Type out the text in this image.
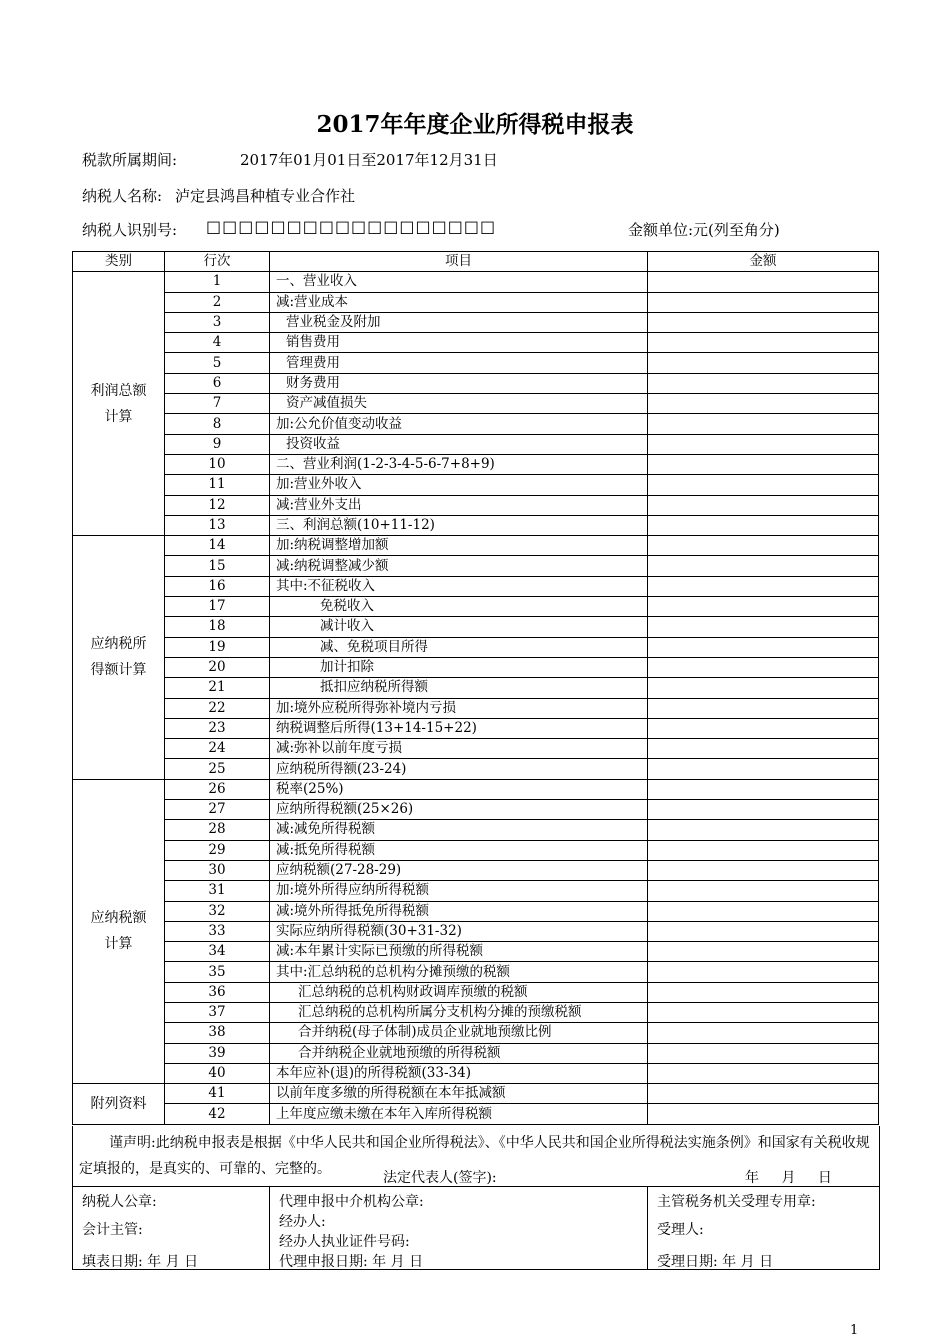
2017年年度企业所得税申报表
税款所属期间:	2017年01月01日至2017年12月31日
纳税人名称: 泸定县鸿昌种植专业合作社
纳税人识别号: □□□□□□□□□□□□□□□□□□	金额单位:元(列至角分)
类别	行次	项目	金额
利润总额计算	1	一、营业收入	
	2	减:营业成本	
	3	营业税金及附加	
	4	销售费用	
	5	管理费用	
	6	财务费用	
	7	资产减值损失	
	8	加:公允价值变动收益	
	9	投资收益	
	10	二、营业利润(1-2-3-4-5-6-7+8+9)	
	11	加:营业外收入	
	12	减:营业外支出	
	13	三、利润总额(10+11-12)	
应纳税所得额计算	14	加:纳税调整增加额	
	15	减:纳税调整减少额	
	16	其中:不征税收入	
	17	免税收入	
	18	减计收入	
	19	减、免税项目所得	
	20	加计扣除	
	21	抵扣应纳税所得额	
	22	加:境外应税所得弥补境内亏损	
	23	纳税调整后所得(13+14-15+22)	
	24	减:弥补以前年度亏损	
	25	应纳税所得额(23-24)	
应纳税额计算	26	税率(25%)	
	27	应纳所得税额(25×26)	
	28	减:减免所得税额	
	29	减:抵免所得税额	
	30	应纳税额(27-28-29)	
	31	加:境外所得应纳所得税额	
	32	减:境外所得抵免所得税额	
	33	实际应纳所得税额(30+31-32)	
	34	减:本年累计实际已预缴的所得税额	
	35	其中:汇总纳税的总机构分摊预缴的税额	
	36	汇总纳税的总机构财政调库预缴的税额	
	37	汇总纳税的总机构所属分支机构分摊的预缴税额	
	38	合并纳税(母子体制)成员企业就地预缴比例	
	39	合并纳税企业就地预缴的所得税额	
	40	本年应补(退)的所得税额(33-34)	
附列资料	41	以前年度多缴的所得税额在本年抵减额	
	42	上年度应缴未缴在本年入库所得税额	
谨声明:此纳税申报表是根据《中华人民共和国企业所得税法》、《中华人民共和国企业所得税法实施条例》和国家有关税收规定填报的，是真实的、可靠的、完整的。
法定代表人(签字):	年 月 日
纳税人公章:
会计主管:
填表日期: 年 月 日
代理申报中介机构公章:
经办人:
经办人执业证件号码:
代理申报日期: 年 月 日
主管税务机关受理专用章:
受理人:
受理日期: 年 月 日
1
